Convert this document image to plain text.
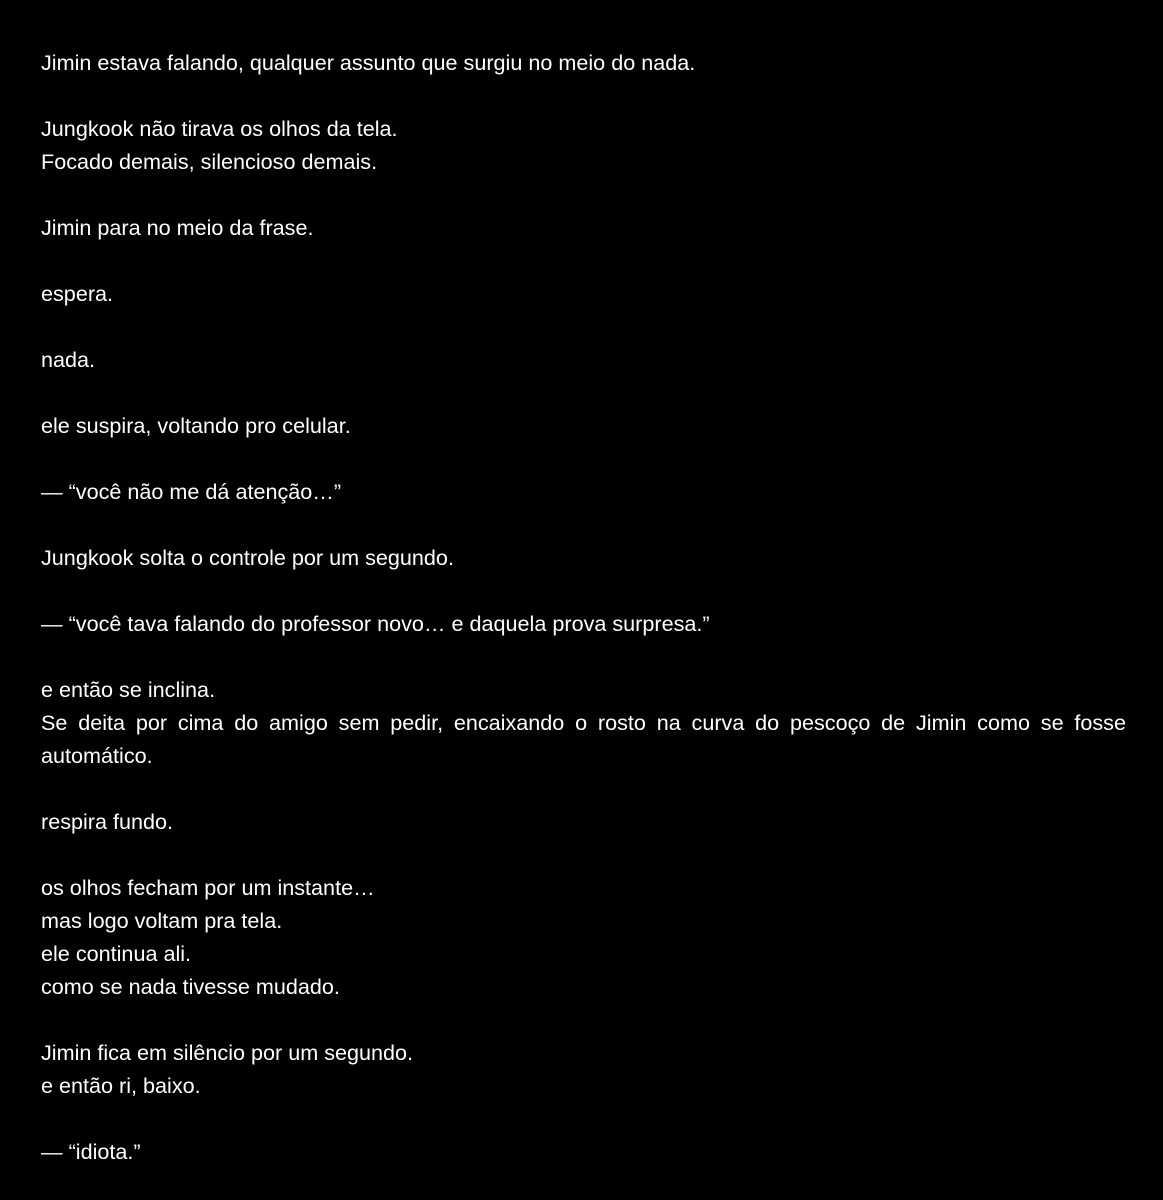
Jimin estava falando, qualquer assunto que surgiu no meio do nada.

Jungkook não tirava os olhos da tela.

Focado demais, silencioso demais.

Jimin para no meio da frase.

espera.

nada.

ele suspira, voltando pro celular.

— “você não me dá atenção…”

Jungkook solta o controle por um segundo.

— “você tava falando do professor novo… e daquela prova surpresa.”

e então se inclina.

Se deita por cima do amigo sem pedir, encaixando o rosto na curva do pescoço de Jimin como se fosse automático.

respira fundo.

os olhos fecham por um instante…

mas logo voltam pra tela.

ele continua ali.

como se nada tivesse mudado.

Jimin fica em silêncio por um segundo.

e então ri, baixo.

— “idiota.”
